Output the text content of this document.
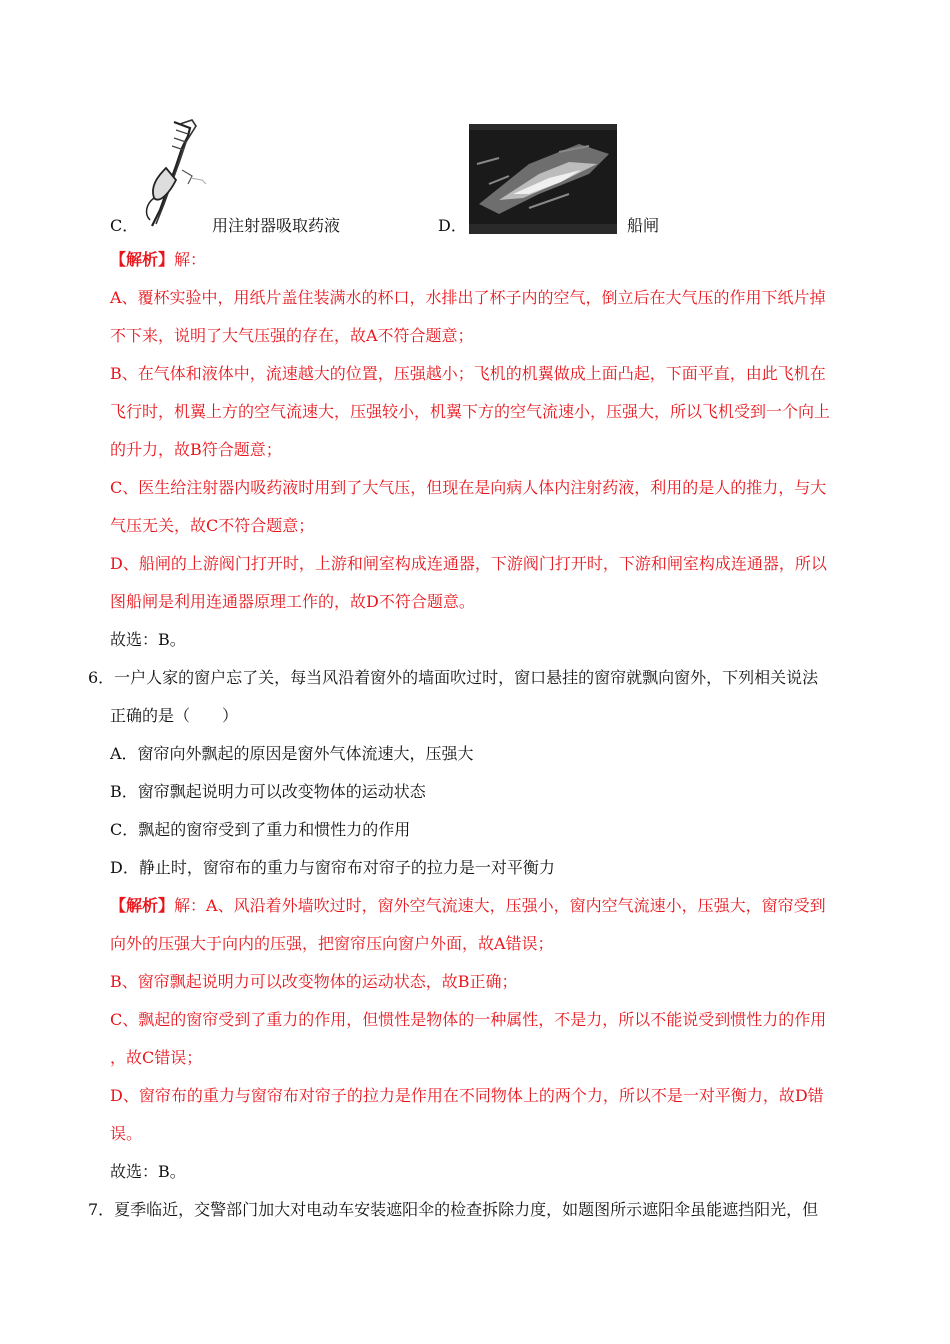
C．	用注射器吸取药液	D．	船闸
【解析】解：
A、覆杯实验中，用纸片盖住装满水的杯口，水排出了杯子内的空气，倒立后在大气压的作用下纸片掉
不下来，说明了大气压强的存在，故A不符合题意；
B、在气体和液体中，流速越大的位置，压强越小；飞机的机翼做成上面凸起，下面平直，由此飞机在
飞行时，机翼上方的空气流速大，压强较小，机翼下方的空气流速小，压强大，所以飞机受到一个向上
的升力，故B符合题意；
C、医生给注射器内吸药液时用到了大气压，但现在是向病人体内注射药液，利用的是人的推力，与大
气压无关，故C不符合题意；
D、船闸的上游阀门打开时，上游和闸室构成连通器，下游阀门打开时，下游和闸室构成连通器，所以
图船闸是利用连通器原理工作的，故D不符合题意。
故选：B。
6．一户人家的窗户忘了关，每当风沿着窗外的墙面吹过时，窗口悬挂的窗帘就飘向窗外，下列相关说法
正确的是（　　）
A．窗帘向外飘起的原因是窗外气体流速大，压强大
B．窗帘飘起说明力可以改变物体的运动状态
C．飘起的窗帘受到了重力和惯性力的作用
D．静止时，窗帘布的重力与窗帘布对帘子的拉力是一对平衡力
【解析】解：A、风沿着外墙吹过时，窗外空气流速大，压强小，窗内空气流速小，压强大，窗帘受到
向外的压强大于向内的压强，把窗帘压向窗户外面，故A错误；
B、窗帘飘起说明力可以改变物体的运动状态，故B正确；
C、飘起的窗帘受到了重力的作用，但惯性是物体的一种属性，不是力，所以不能说受到惯性力的作用
，故C错误；
D、窗帘布的重力与窗帘布对帘子的拉力是作用在不同物体上的两个力，所以不是一对平衡力，故D错
误。
故选：B。
7．夏季临近，交警部门加大对电动车安装遮阳伞的检查拆除力度，如题图所示遮阳伞虽能遮挡阳光，但
